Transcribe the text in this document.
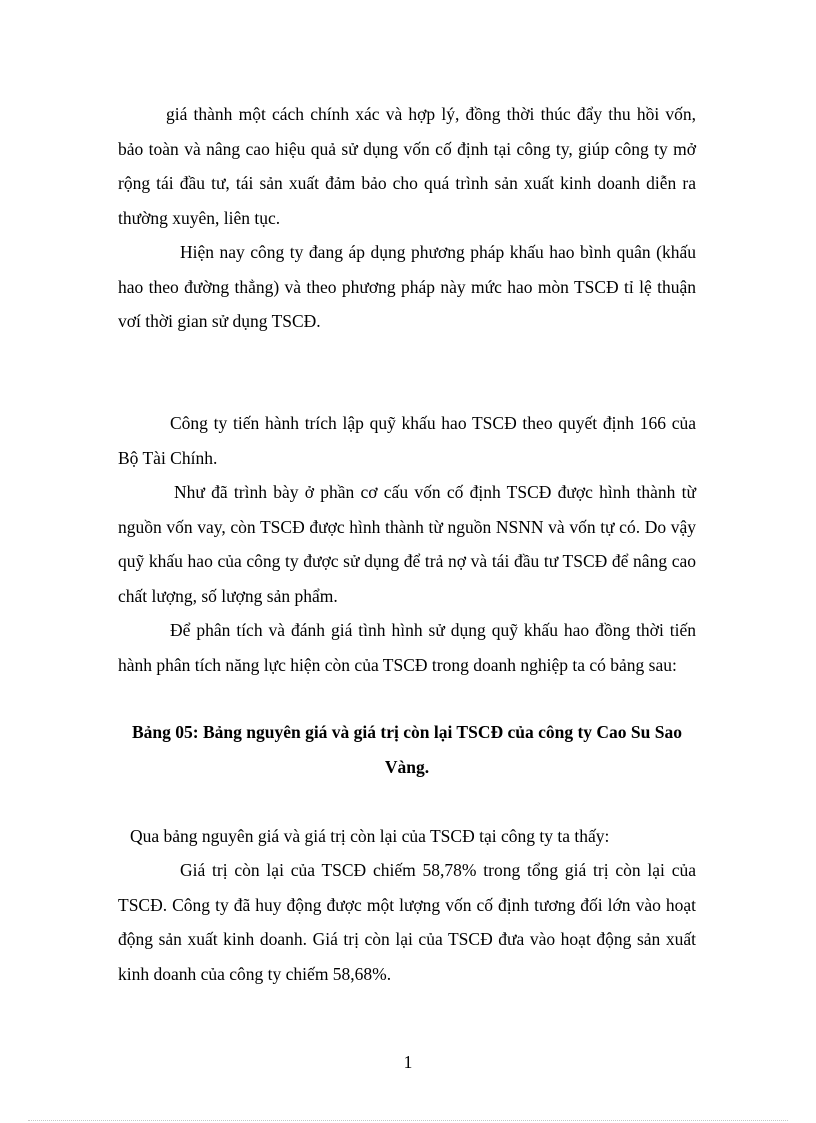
giá thành một cách chính xác và hợp lý, đồng thời thúc đẩy thu hồi vốn, bảo toàn và nâng cao hiệu quả sử dụng vốn cố định tại công ty, giúp công ty mở rộng tái đầu tư, tái sản xuất đảm bảo cho quá trình sản xuất kinh doanh diễn ra thường xuyên, liên tục.

Hiện nay công ty đang áp dụng phương pháp khấu hao bình quân (khấu hao theo đường thẳng) và theo phương pháp này mức hao mòn TSCĐ tỉ lệ thuận vơí thời gian sử dụng TSCĐ.

Công ty tiến hành trích lập quỹ khấu hao TSCĐ theo quyết định 166 của Bộ Tài Chính.

Như đã trình bày ở phần cơ cấu vốn cố định TSCĐ được hình thành từ nguồn vốn vay, còn TSCĐ được hình thành từ nguồn NSNN và vốn tự có. Do vậy quỹ khấu hao của công ty được sử dụng để trả nợ và tái đầu tư TSCĐ để nâng cao chất lượng, số lượng sản phẩm.

Để phân tích và đánh giá tình hình sử dụng quỹ khấu hao đồng thời tiến hành phân tích năng lực hiện còn của TSCĐ trong doanh nghiệp ta có bảng sau:

Bảng 05: Bảng nguyên giá và giá trị còn lại TSCĐ của công ty Cao Su Sao Vàng.

Qua bảng nguyên giá và giá trị còn lại của TSCĐ tại công ty ta thấy:

Giá trị còn lại của TSCĐ chiếm 58,78% trong tổng giá trị còn lại của TSCĐ. Công ty đã huy động được một lượng vốn cố định tương đối lớn vào hoạt động sản xuất kinh doanh. Giá trị còn lại của TSCĐ đưa vào hoạt động sản xuất kinh doanh của công ty chiếm 58,68%.

1
